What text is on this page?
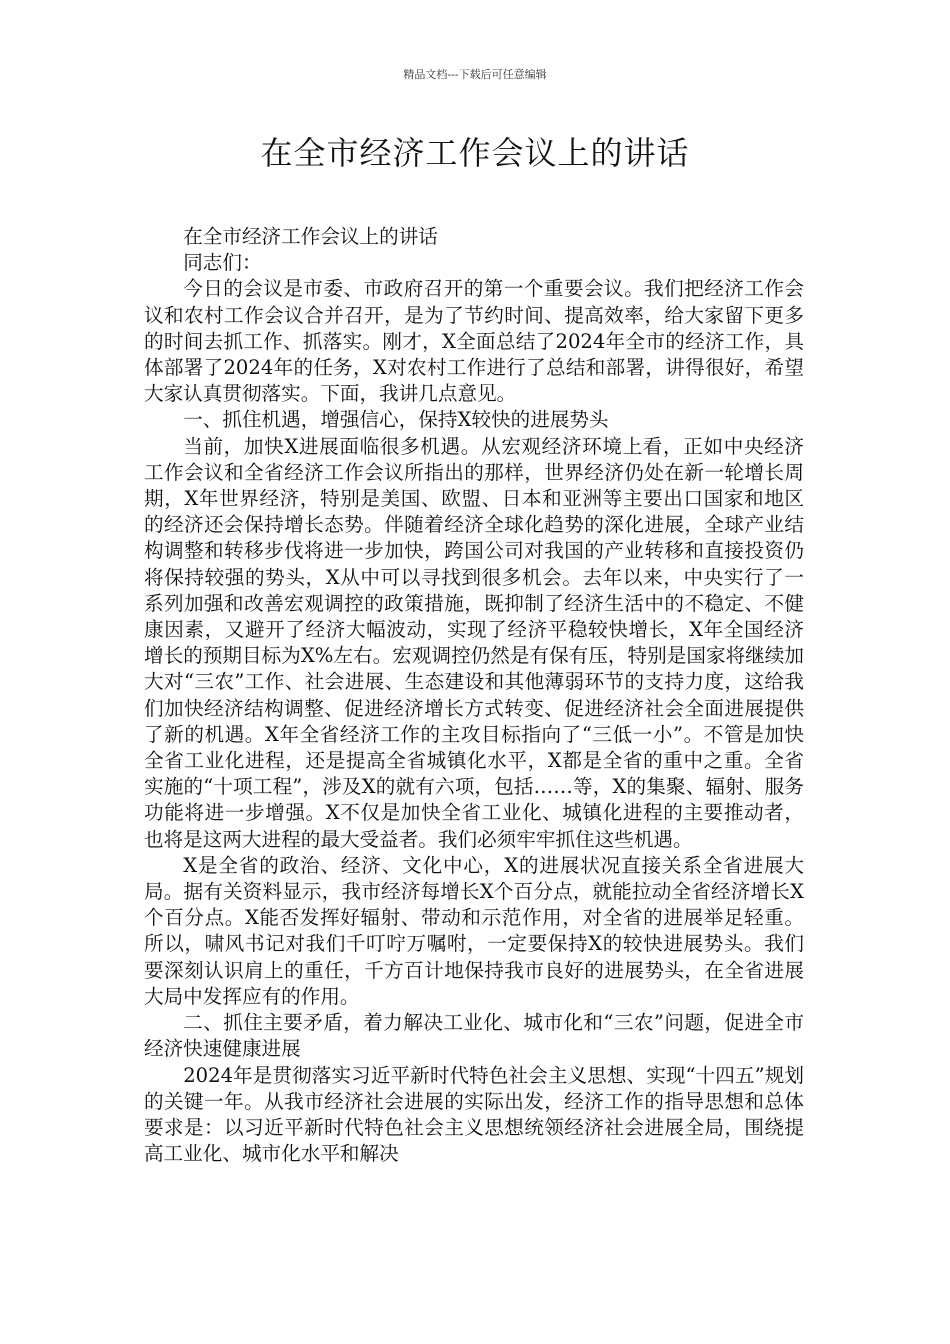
精品文档---下载后可任意编辑
在全市经济工作会议上的讲话

在全市经济工作会议上的讲话

同志们：

今日的会议是市委、市政府召开的第一个重要会议。我们把经济工作会议和农村工作会议合并召开，是为了节约时间、提高效率，给大家留下更多的时间去抓工作、抓落实。刚才，X全面总结了2024年全市的经济工作，具体部署了2024年的任务，X对农村工作进行了总结和部署，讲得很好，希望大家认真贯彻落实。下面，我讲几点意见。

一、抓住机遇，增强信心，保持X较快的进展势头

当前，加快X进展面临很多机遇。从宏观经济环境上看，正如中央经济工作会议和全省经济工作会议所指出的那样，世界经济仍处在新一轮增长周期，X年世界经济，特别是美国、欧盟、日本和亚洲等主要出口国家和地区的经济还会保持增长态势。伴随着经济全球化趋势的深化进展，全球产业结构调整和转移步伐将进一步加快，跨国公司对我国的产业转移和直接投资仍将保持较强的势头，X从中可以寻找到很多机会。去年以来，中央实行了一系列加强和改善宏观调控的政策措施，既抑制了经济生活中的不稳定、不健康因素，又避开了经济大幅波动，实现了经济平稳较快增长，X年全国经济增长的预期目标为X%左右。宏观调控仍然是有保有压，特别是国家将继续加大对“三农”工作、社会进展、生态建设和其他薄弱环节的支持力度，这给我们加快经济结构调整、促进经济增长方式转变、促进经济社会全面进展提供了新的机遇。X年全省经济工作的主攻目标指向了“三低一小”。不管是加快全省工业化进程，还是提高全省城镇化水平，X都是全省的重中之重。全省实施的“十项工程”，涉及X的就有六项，包括……等，X的集聚、辐射、服务功能将进一步增强。X不仅是加快全省工业化、城镇化进程的主要推动者，也将是这两大进程的最大受益者。我们必须牢牢抓住这些机遇。

X是全省的政治、经济、文化中心，X的进展状况直接关系全省进展大局。据有关资料显示，我市经济每增长X个百分点，就能拉动全省经济增长X个百分点。X能否发挥好辐射、带动和示范作用，对全省的进展举足轻重。所以，啸风书记对我们千叮咛万嘱咐，一定要保持X的较快进展势头。我们要深刻认识肩上的重任，千方百计地保持我市良好的进展势头，在全省进展大局中发挥应有的作用。

二、抓住主要矛盾，着力解决工业化、城市化和“三农”问题，促进全市经济快速健康进展

2024年是贯彻落实习近平新时代特色社会主义思想、实现“十四五”规划的关键一年。从我市经济社会进展的实际出发，经济工作的指导思想和总体要求是：以习近平新时代特色社会主义思想统领经济社会进展全局，围绕提高工业化、城市化水平和解决
